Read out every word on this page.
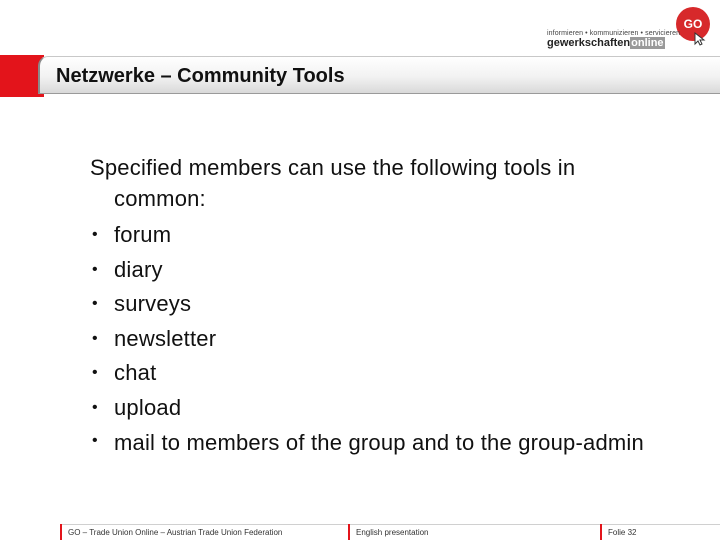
GO
informieren • kommunizieren • servicieren
gewerkschaftenonline
Netzwerke – Community Tools

Specified members can use the following tools in common:

• forum
• diary
• surveys
• newsletter
• chat
• upload
• mail to members of the group and to the group-admin
GO – Trade Union Online – Austrian Trade Union Federation	English presentation	Folie 32
